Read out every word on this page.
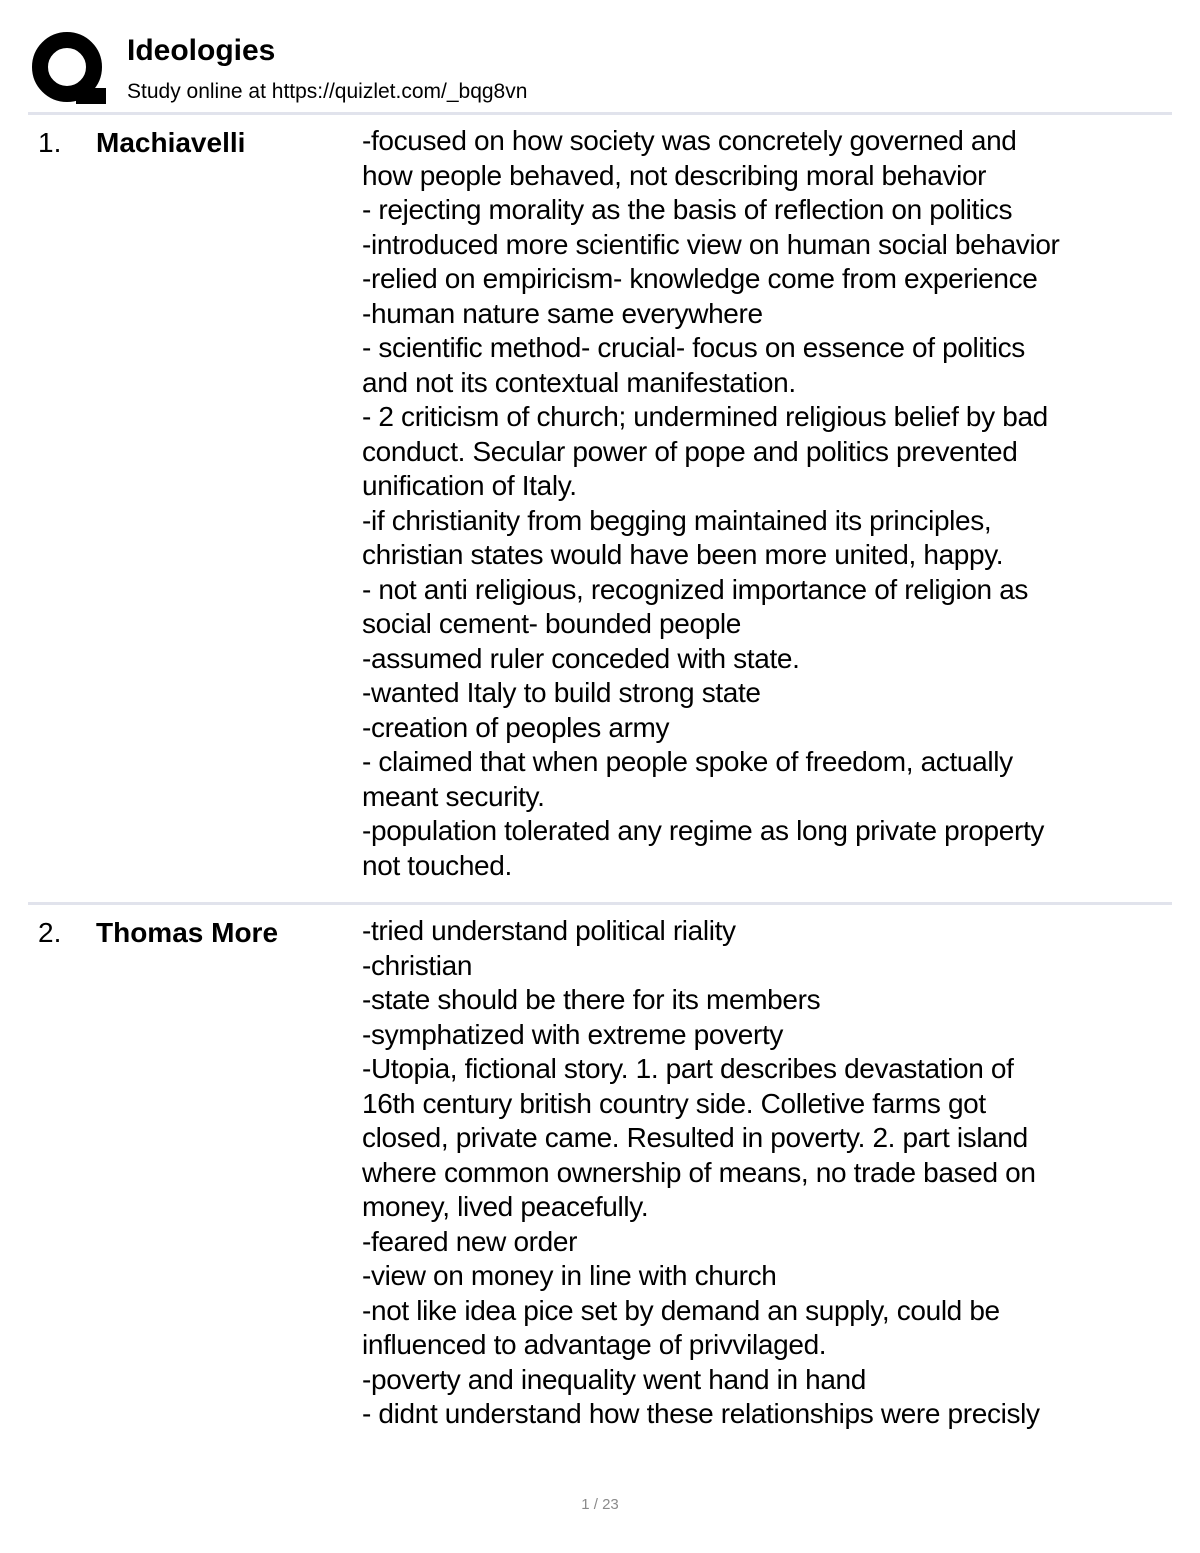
Ideologies
Study online at https://quizlet.com/_bqg8vn
1. Machiavelli	-focused on how society was concretely governed and
how people behaved, not describing moral behavior
- rejecting morality as the basis of reflection on politics
-introduced more scientific view on human social behavior
-relied on empiricism- knowledge come from experience
-human nature same everywhere
- scientific method- crucial- focus on essence of politics
and not its contextual manifestation.
- 2 criticism of church; undermined religious belief by bad
conduct. Secular power of pope and politics prevented
unification of Italy.
-if christianity from begging maintained its principles,
christian states would have been more united, happy.
- not anti religious, recognized importance of religion as
social cement- bounded people
-assumed ruler conceded with state.
-wanted Italy to build strong state
-creation of peoples army
- claimed that when people spoke of freedom, actually
meant security.
-population tolerated any regime as long private property
not touched.
2. Thomas More	-tried understand political riality
-christian
-state should be there for its members
-symphatized with extreme poverty
-Utopia, fictional story. 1. part describes devastation of
16th century british country side. Colletive farms got
closed, private came. Resulted in poverty. 2. part island
where common ownership of means, no trade based on
money, lived peacefully.
-feared new order
-view on money in line with church
-not like idea pice set by demand an supply, could be
influenced to advantage of privvilaged.
-poverty and inequality went hand in hand
- didnt understand how these relationships were precisly
1 / 23
